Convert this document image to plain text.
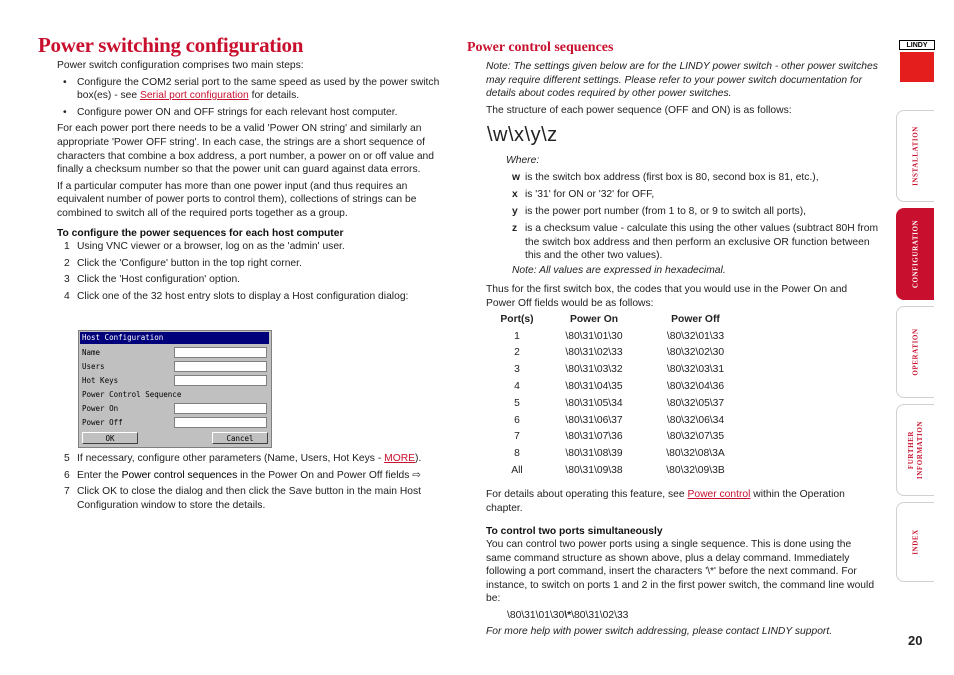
Power switching configuration

Power switch configuration comprises two main steps:

• Configure the COM2 serial port to the same speed as used by the power switch box(es) - see Serial port configuration for details.
• Configure power ON and OFF strings for each relevant host computer.

For each power port there needs to be a valid 'Power ON string' and similarly an appropriate 'Power OFF string'. In each case, the strings are a short sequence of characters that combine a box address, a port number, a power on or off value and finally a checksum number so that the power unit can guard against data errors.

If a particular computer has more than one power input (and thus requires an equivalent number of power ports to control them), collections of strings can be combined to switch all of the required ports together as a group.

To configure the power sequences for each host computer

1 Using VNC viewer or a browser, log on as the 'admin' user.
2 Click the 'Configure' button in the top right corner.
3 Click the 'Host configuration' option.
4 Click one of the 32 host entry slots to display a Host configuration dialog:
Host Configuration
Name
Users
Hot Keys
Power Control Sequence
Power On
Power Off
OK	Cancel
5 If necessary, configure other parameters (Name, Users, Hot Keys - MORE).
6 Enter the Power control sequences in the Power On and Power Off fields ⇨
7 Click OK to close the dialog and then click the Save button in the main Host Configuration window to store the details.
Power control sequences

Note: The settings given below are for the LINDY power switch - other power switches may require different settings. Please refer to your power switch documentation for details about codes required by other power switches.

The structure of each power sequence (OFF and ON) is as follows:

\w\x\y\z
Where:
w is the switch box address (first box is 80, second box is 81, etc.),
x is '31' for ON or '32' for OFF,
y is the power port number (from 1 to 8, or 9 to switch all ports),
z is a checksum value - calculate this using the other values (subtract 80H from the switch box address and then perform an exclusive OR function between this and the other two values).
Note: All values are expressed in hexadecimal.
Thus for the first switch box, the codes that you would use in the Power On and Power Off fields would be as follows:
Port(s)	Power On	Power Off
1	\80\31\01\30	\80\32\01\33
2	\80\31\02\33	\80\32\02\30
3	\80\31\03\32	\80\32\03\31
4	\80\31\04\35	\80\32\04\36
5	\80\31\05\34	\80\32\05\37
6	\80\31\06\37	\80\32\06\34
7	\80\31\07\36	\80\32\07\35
8	\80\31\08\39	\80\32\08\3A
All	\80\31\09\38	\80\32\09\3B
For details about operating this feature, see Power control within the Operation chapter.
To control two ports simultaneously
You can control two power ports using a single sequence. This is done using the same command structure as shown above, plus a delay command. Immediately following a port command, insert the characters '\*' before the next command. For instance, to switch on ports 1 and 2 in the first power switch, the command line would be:
\80\31\01\30\*\80\31\02\33
For more help with power switch addressing, please contact LINDY support.
LINDY
INSTALLATION
CONFIGURATION
OPERATION
FURTHER INFORMATION
INDEX
20
